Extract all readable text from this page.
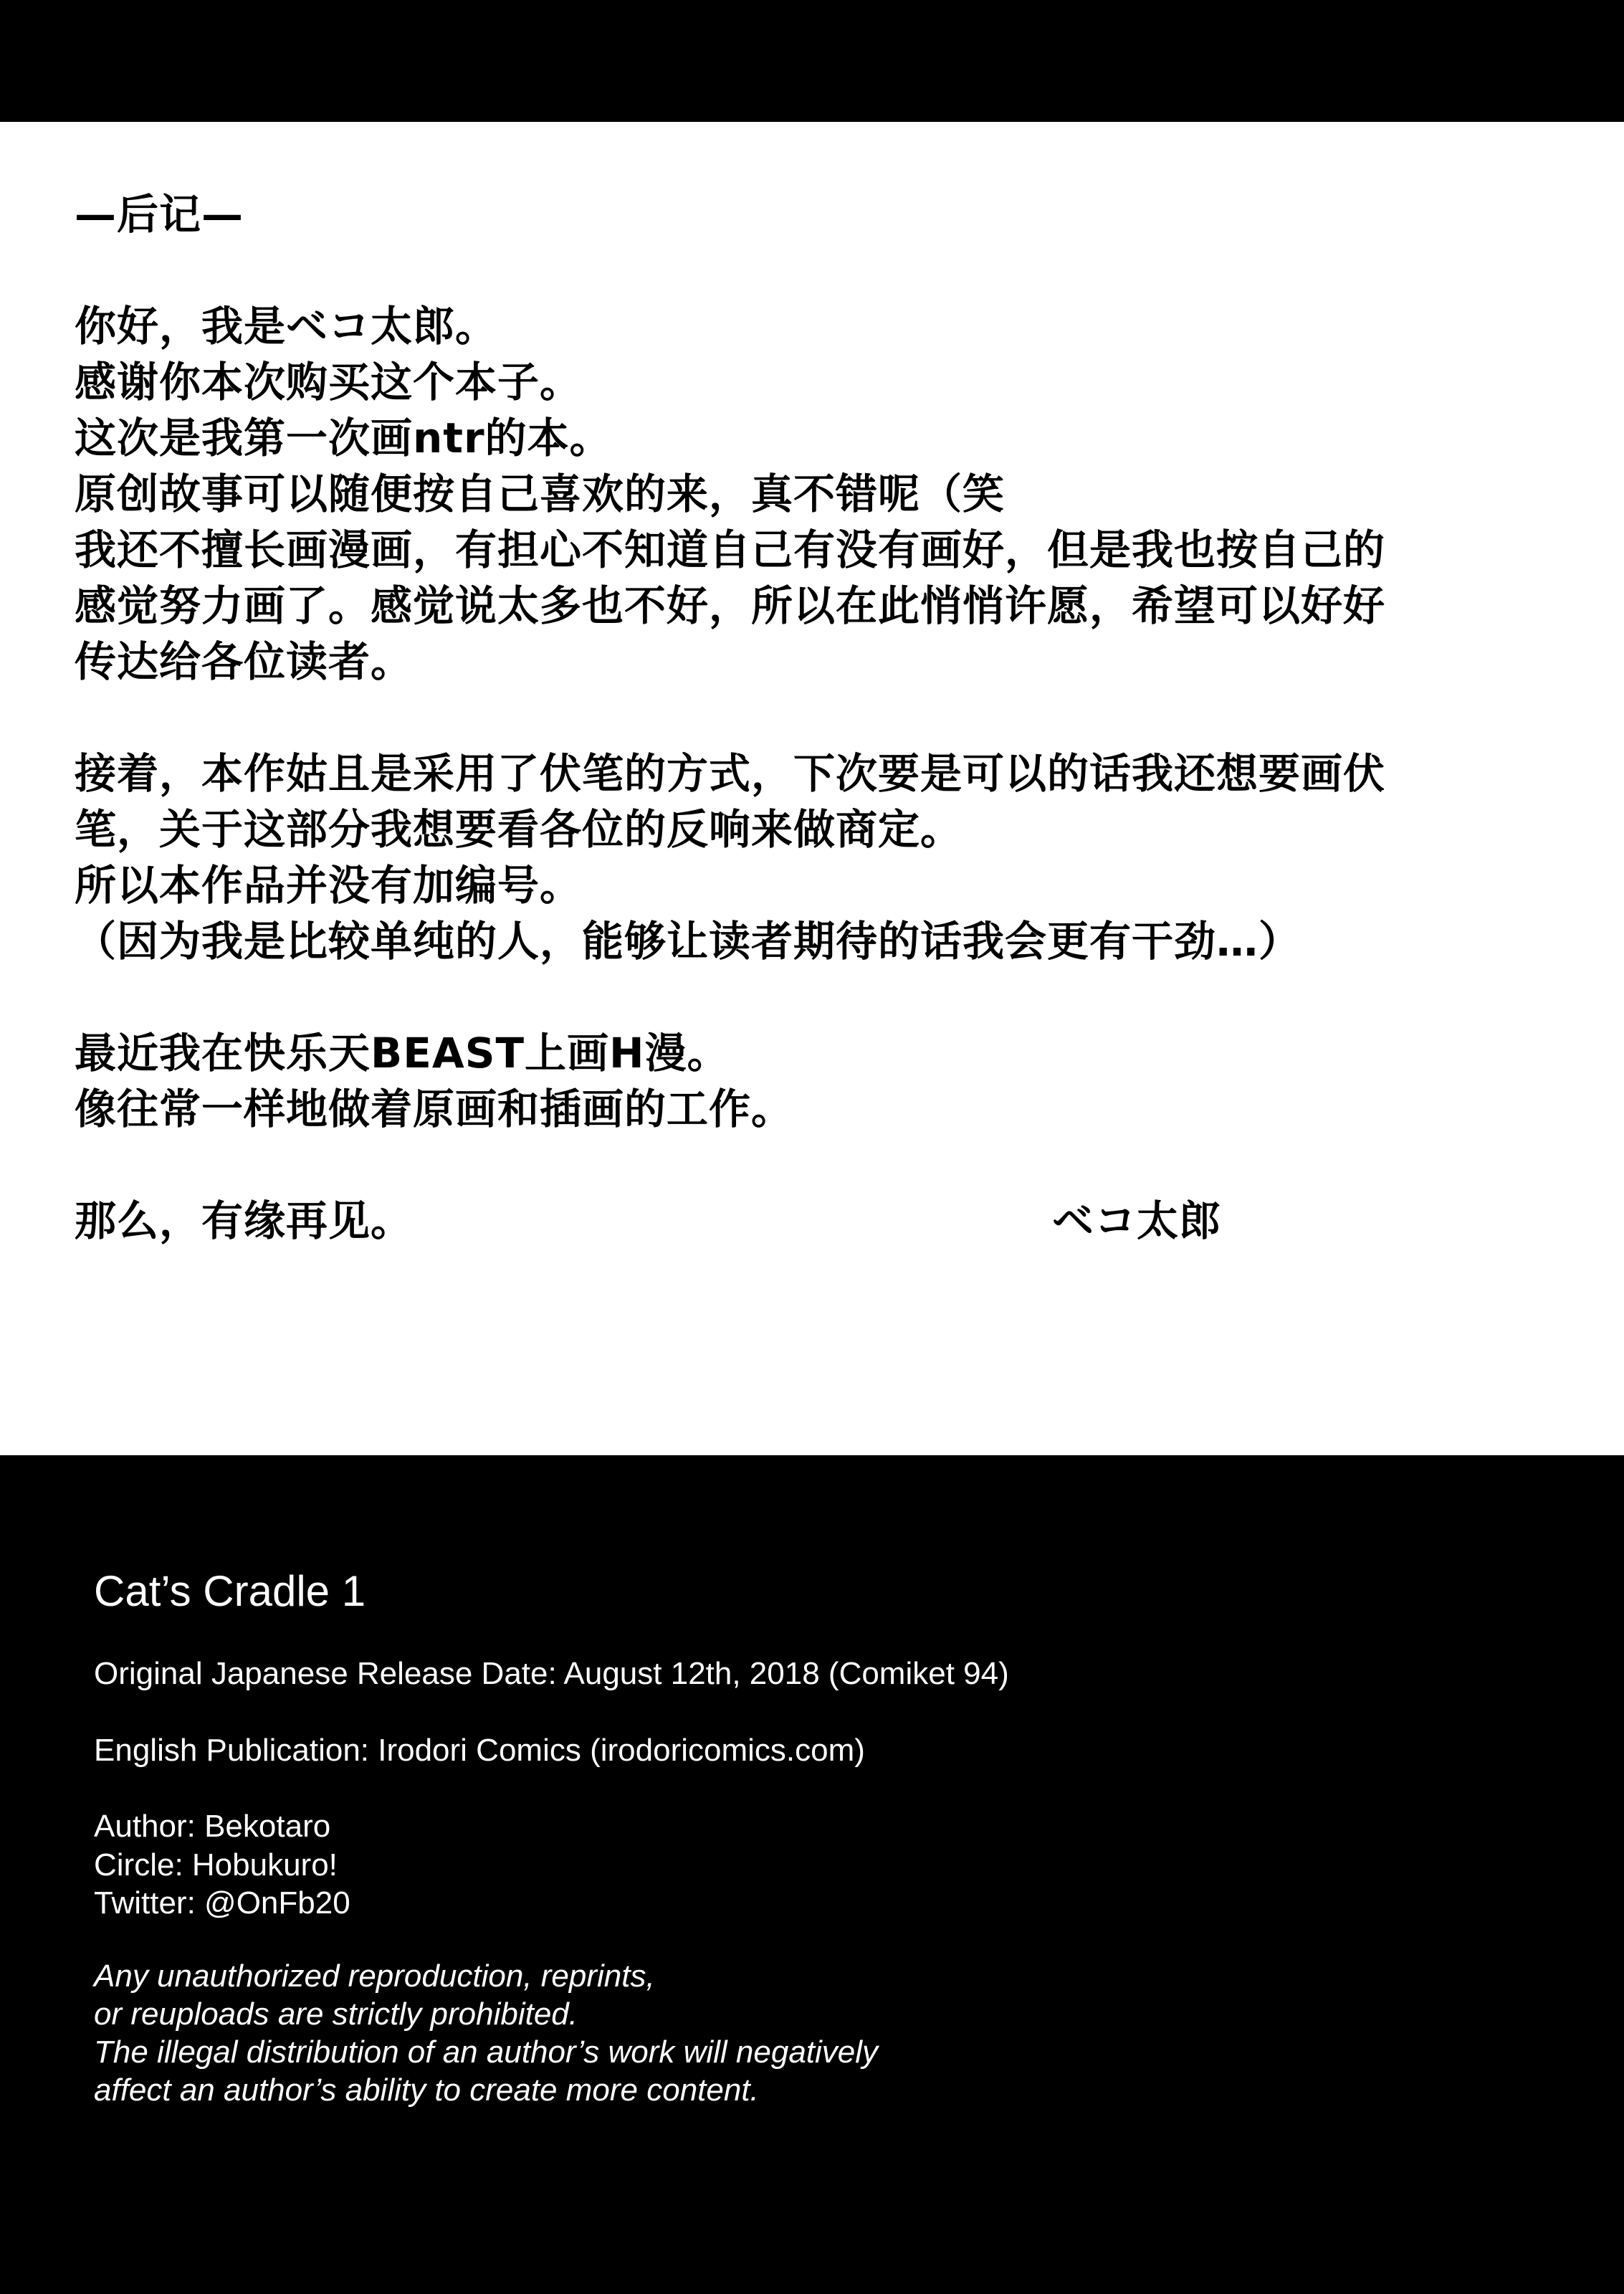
—后记—
你好，我是ベコ太郎。
感谢你本次购买这个本子。
这次是我第一次画ntr的本。
原创故事可以随便按自己喜欢的来，真不错呢（笑
我还不擅长画漫画，有担心不知道自己有没有画好，但是我也按自己的
感觉努力画了。感觉说太多也不好，所以在此悄悄许愿，希望可以好好
传达给各位读者。
接着，本作姑且是采用了伏笔的方式，下次要是可以的话我还想要画伏
笔，关于这部分我想要看各位的反响来做商定。
所以本作品并没有加编号。
（因为我是比较单纯的人，能够让读者期待的话我会更有干劲…）
最近我在快乐天BEAST上画H漫。
像往常一样地做着原画和插画的工作。
那么，有缘再见。	ベコ太郎
Cat’s Cradle 1
Original Japanese Release Date: August 12th, 2018 (Comiket 94)
English Publication: Irodori Comics (irodoricomics.com)
Author: Bekotaro
Circle: Hobukuro!
Twitter: @OnFb20
Any unauthorized reproduction, reprints,
or reuploads are strictly prohibited.
The illegal distribution of an author’s work will negatively
affect an author’s ability to create more content.
